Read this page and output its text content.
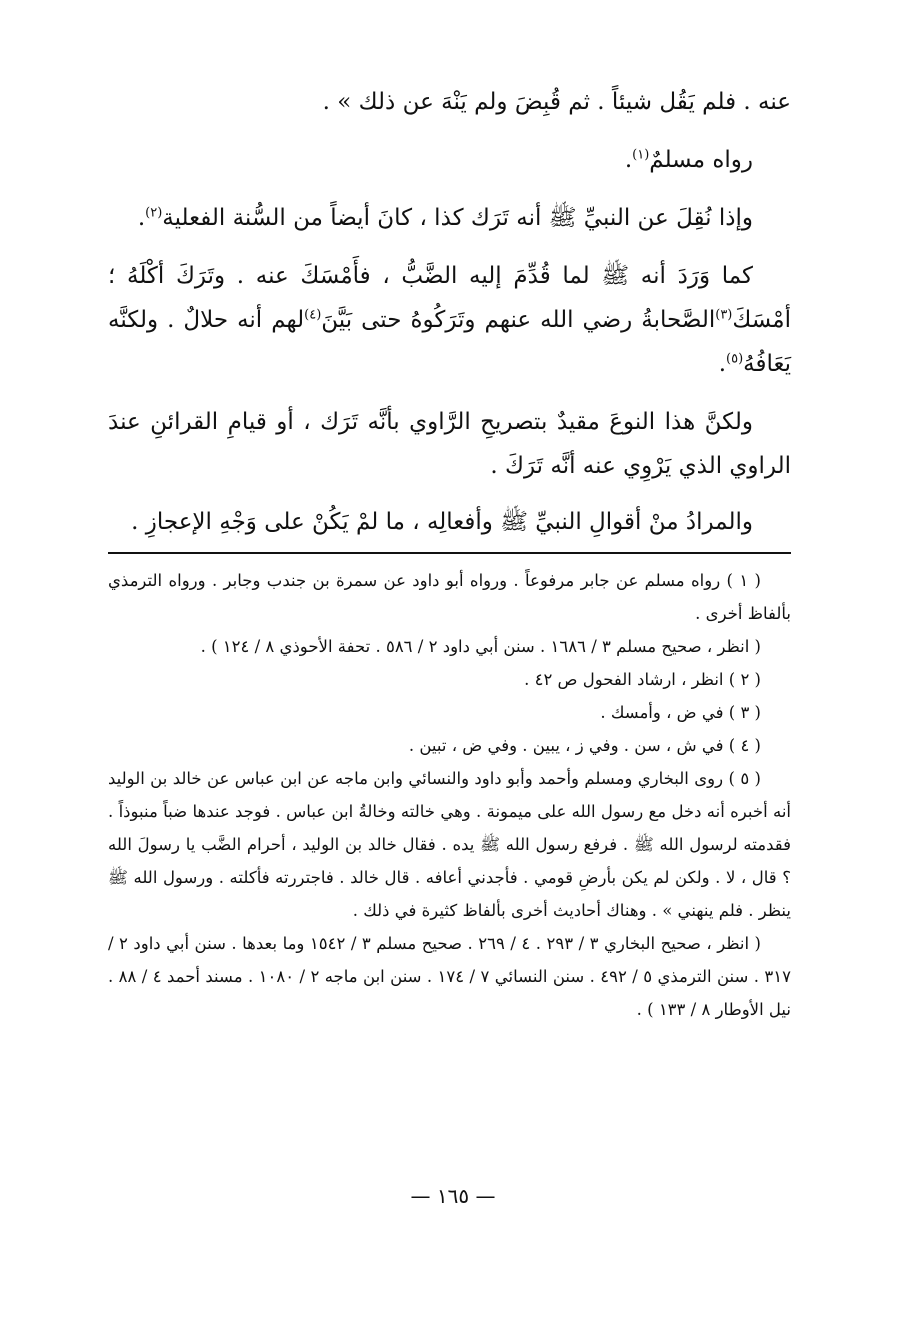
عنه . فلم يَقُل شيئاً . ثم قُبِضَ ولم يَنْهَ عن ذلك » .

رواه مسلمٌ$^{(١)}$.

وإذا نُقِلَ عن النبيِّ ﷺ أنه تَرَك كذا ، كانَ أيضاً من السُّنة الفعلية$^{(٢)}$.

كما وَرَدَ أنه ﷺ لما قُدِّمَ إليه الضَّبُّ ، فأَمْسَكَ عنه . وتَرَكَ أكْلَهُ ؛ أمْسَكَ$^{(٣)}$الصَّحابةُ رضي الله عنهم وتَرَكُوهُ حتى بَيَّنَ$^{(٤)}$لهم أنه حلالٌ . ولكنَّه يَعَافُهُ$^{(٥)}$.

ولكنَّ هذا النوعَ مقيدٌ بتصريحِ الرَّاوي بأنَّه تَرَك ، أو قيامِ القرائنِ عندَ الراوي الذي يَرْوِي عنه أنَّه تَرَكَ .

والمرادُ منْ أقوالِ النبيِّ ﷺ وأفعالِه ، ما لمْ يَكُنْ على وَجْهِ الإعجازِ .

( ١ ) رواه مسلم عن جابر مرفوعاً . ورواه أبو داود عن سمرة بن جندب وجابر . ورواه الترمذي بألفاظ أخرى .

( انظر ، صحيح مسلم ٣ / ١٦٨٦ . سنن أبي داود ٢ / ٥٨٦ . تحفة الأحوذي ٨ / ١٢٤ ) .

( ٢ ) انظر ، ارشاد الفحول ص ٤٢ .

( ٣ ) في ض ، وأمسك .

( ٤ ) في ش ، سن . وفي ز ، يبين . وفي ض ، تبين .

( ٥ ) روى البخاري ومسلم وأحمد وأبو داود والنسائي وابن ماجه عن ابن عباس عن خالد بن الوليد أنه أخبره أنه دخل مع رسول الله على ميمونة . وهي خالته وخالةُ ابن عباس . فوجد عندها ضباً منبوذاً . فقدمته لرسول الله ﷺ . فرفع رسول الله ﷺ يده . فقال خالد بن الوليد ، أحرام الضَّب يا رسولَ الله ؟ قال ، لا . ولكن لم يكن بأرضِ قومي . فأجدني أعافه . قال خالد . فاجتررته فأكلته . ورسول الله ﷺ ينظر . فلم ينهني » . وهناك أحاديث أخرى بألفاظ كثيرة في ذلك .

( انظر ، صحيح البخاري ٣ / ٢٩٣ . ٤ / ٢٦٩ . صحيح مسلم ٣ / ١٥٤٢ وما بعدها . سنن أبي داود ٢ / ٣١٧ . سنن الترمذي ٥ / ٤٩٢ . سنن النسائي ٧ / ١٧٤ . سنن ابن ماجه ٢ / ١٠٨٠ . مسند أحمد ٤ / ٨٨ . نيل الأوطار ٨ / ١٣٣ ) .

— ١٦٥ —
